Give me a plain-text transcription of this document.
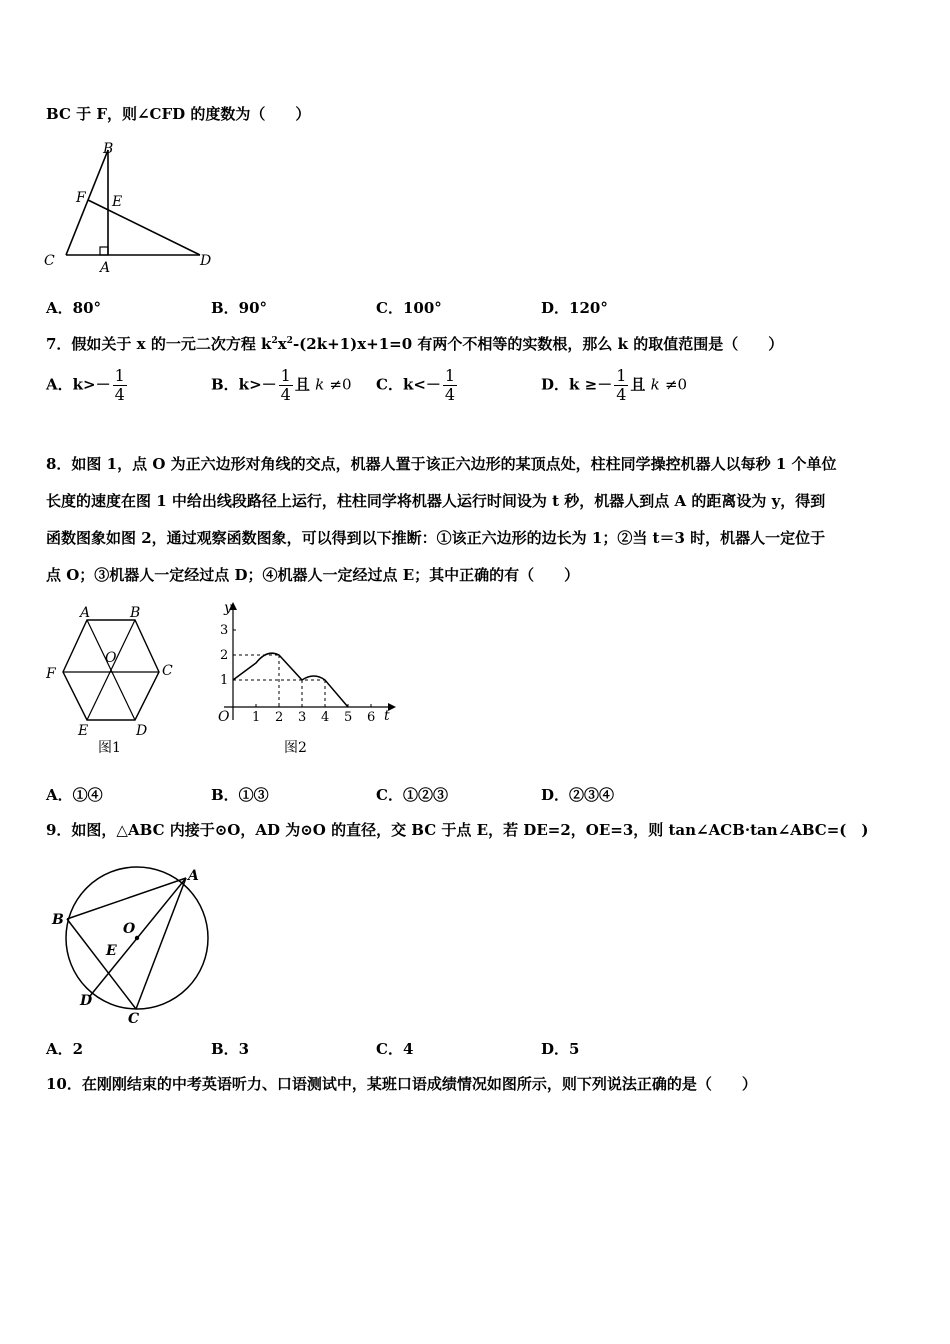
BC 于 F，则∠CFD 的度数为（　　）
B
F E
C	A	D
A．80°	B．90°	C．100°	D．120°
7．假如关于 x 的一元二次方程 $k^2x^2-(2k+1)x+1=0$ 有两个不相等的实数根，那么 k 的取值范围是（　　）
A．$k>- \frac{1}{4}$	B．$k>- \frac{1}{4}$ 且 k ≠0 C．$k<- \frac{1}{4}$	D．$k \ge- \frac{1}{4}$ 且 k ≠0
8．如图 1，点 O 为正六边形对角线的交点，机器人置于该正六边形的某顶点处，柱柱同学操控机器人以每秒 1 个单位
长度的速度在图 1 中给出线段路径上运行，柱柱同学将机器人运行时间设为 t 秒，机器人到点 A 的距离设为 y，得到
函数图象如图 2，通过观察函数图象，可以得到以下推断：①该正六边形的边长为 1；②当 t＝3 时，机器人一定位于
点 O；③机器人一定经过点 D；④机器人一定经过点 E；其中正确的有（　　）
A	B
C
D
E
F
O
图1
y
t
O 1 2 3 4 5 6
1
2
3
图2
A．①④	B．①③	C．①②③	D．②③④
9．如图，△ABC 内接于⊙O，AD 为⊙O 的直径，交 BC 于点 E，若 DE=2，OE=3，则 tan∠ACB·tan∠ABC=(　)
A
B
C
D
E
O
A．2	B．3	C．4	D．5
10．在刚刚结束的中考英语听力、口语测试中，某班口语成绩情况如图所示，则下列说法正确的是（　　）
